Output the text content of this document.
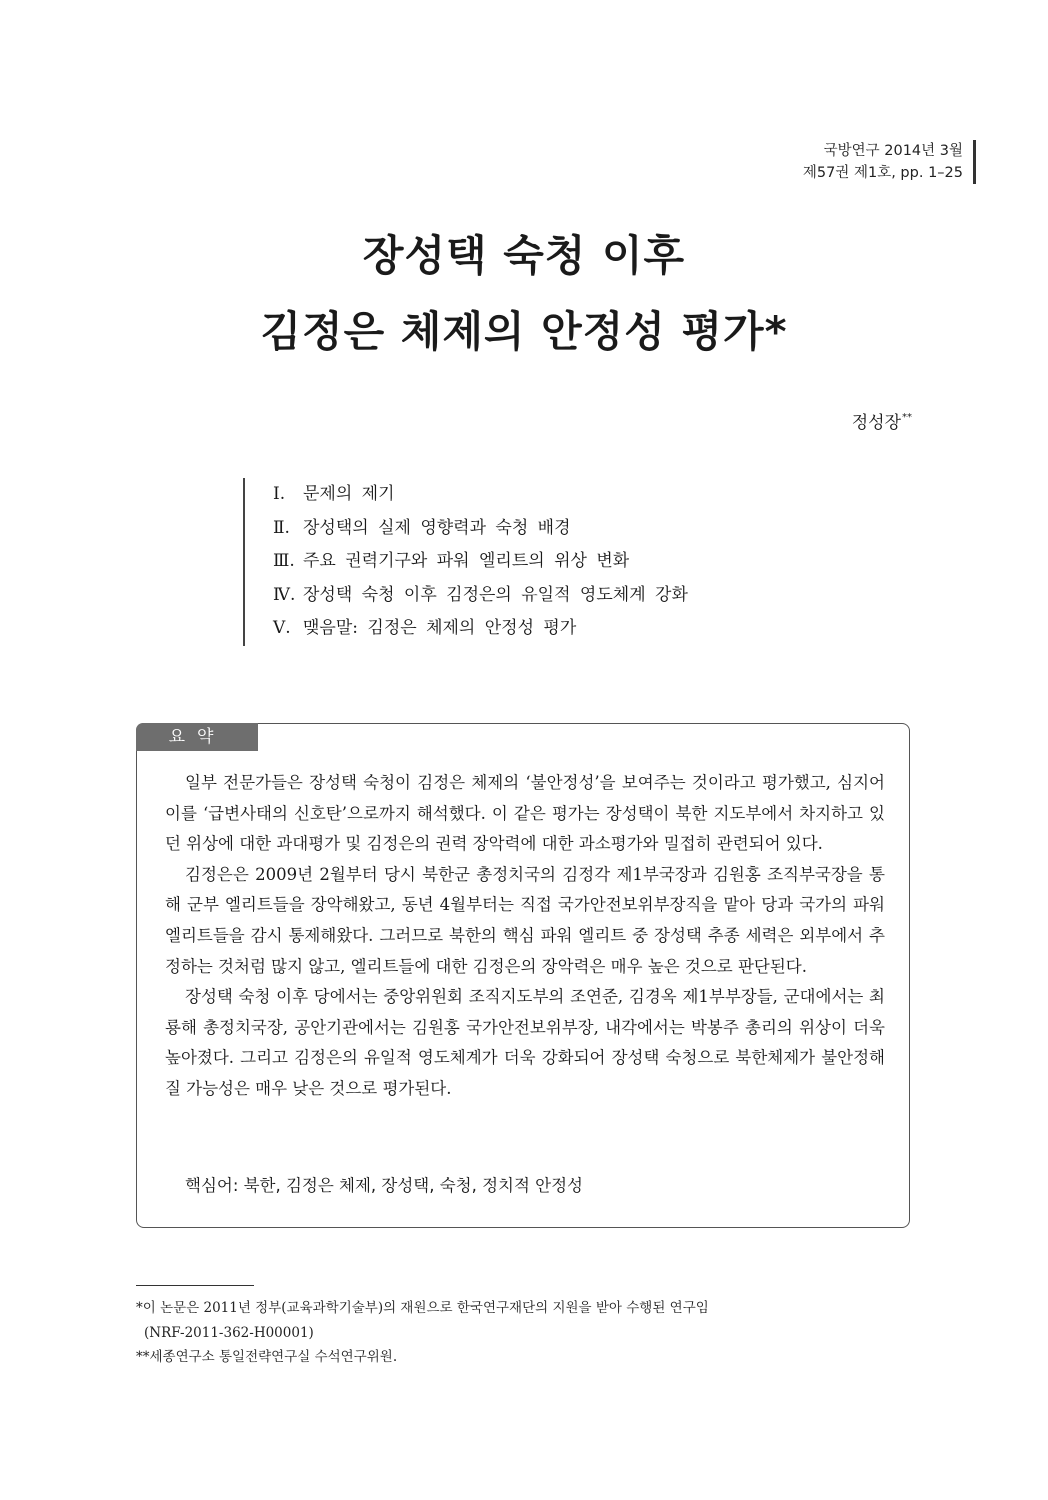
국방연구 2014년 3월
제57권 제1호, pp. 1–25
장성택 숙청 이후
김정은 체제의 안정성 평가*
정성장**
Ⅰ. 문제의 제기
Ⅱ. 장성택의 실제 영향력과 숙청 배경
Ⅲ. 주요 권력기구와 파워 엘리트의 위상 변화
Ⅳ. 장성택 숙청 이후 김정은의 유일적 영도체계 강화
Ⅴ. 맺음말: 김정은 체제의 안정성 평가
요약

일부 전문가들은 장성택 숙청이 김정은 체제의 ‘불안정성’을 보여주는 것이라고 평가했고, 심지어 이를 ‘급변사태의 신호탄’으로까지 해석했다. 이 같은 평가는 장성택이 북한 지도부에서 차지하고 있던 위상에 대한 과대평가 및 김정은의 권력 장악력에 대한 과소평가와 밀접히 관련되어 있다.

김정은은 2009년 2월부터 당시 북한군 총정치국의 김정각 제1부국장과 김원홍 조직부국장을 통해 군부 엘리트들을 장악해왔고, 동년 4월부터는 직접 국가안전보위부장직을 맡아 당과 국가의 파워 엘리트들을 감시 통제해왔다. 그러므로 북한의 핵심 파워 엘리트 중 장성택 추종 세력은 외부에서 추정하는 것처럼 많지 않고, 엘리트들에 대한 김정은의 장악력은 매우 높은 것으로 판단된다.

장성택 숙청 이후 당에서는 중앙위원회 조직지도부의 조연준, 김경옥 제1부부장들, 군대에서는 최룡해 총정치국장, 공안기관에서는 김원홍 국가안전보위부장, 내각에서는 박봉주 총리의 위상이 더욱 높아졌다. 그리고 김정은의 유일적 영도체계가 더욱 강화되어 장성택 숙청으로 북한체제가 불안정해질 가능성은 매우 낮은 것으로 평가된다.

핵심어: 북한, 김정은 체제, 장성택, 숙청, 정치적 안정성
*이 논문은 2011년 정부(교육과학기술부)의 재원으로 한국연구재단의 지원을 받아 수행된 연구임
(NRF-2011-362-H00001)
**세종연구소 통일전략연구실 수석연구위원.
